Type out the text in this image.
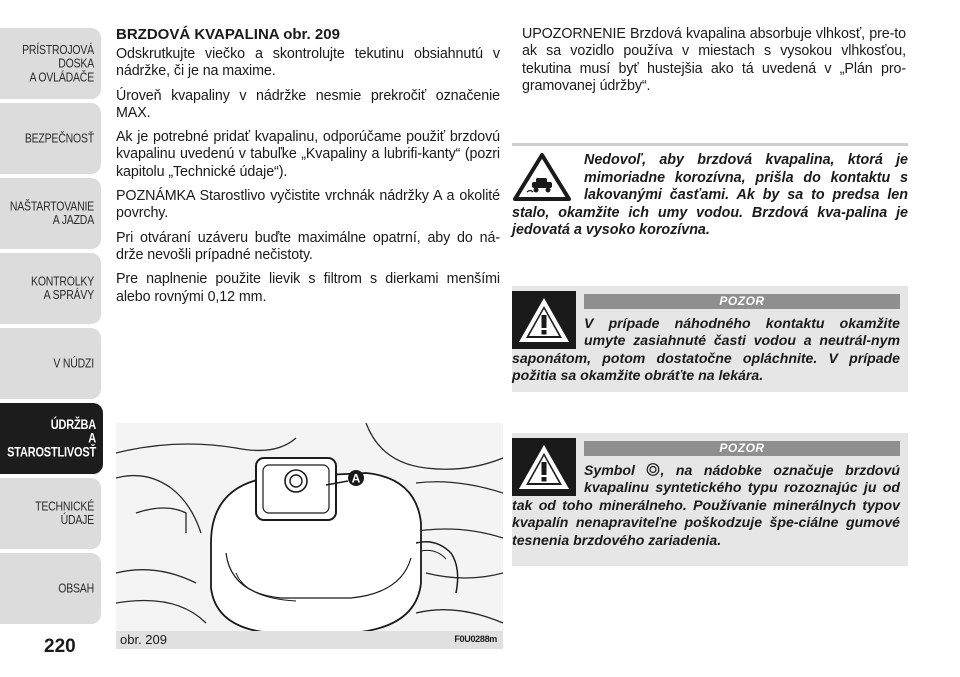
PRÍSTROJOVÁ
DOSKA
A OVLÁDAČE
BEZPEČNOSŤ
NAŠTARTOVANIE
A JAZDA
KONTROLKY
A SPRÁVY
V NÚDZI
ÚDRŽBA
A STAROSTLIVOSŤ
TECHNICKÉ ÚDAJE
OBSAH
220

BRZDOVÁ KVAPALINA obr. 209

Odskrutkujte viečko a skontrolujte tekutinu obsiahnutú v nádržke, či je na maxime.

Úroveň kvapaliny v nádržke nesmie prekročiť označenie MAX.

Ak je potrebné pridať kvapalinu, odporúčame použiť brzdovú kvapalinu uvedenú v tabuľke „Kvapaliny a lubrifi-kanty“ (pozri kapitolu „Technické údaje“).

POZNÁMKA Starostlivo vyčistite vrchnák nádržky A a okolité povrchy.

Pri otváraní uzáveru buďte maximálne opatrní, aby do ná-drže nevošli prípadné nečistoty.

Pre naplnenie použite lievik s filtrom s dierkami menšími alebo rovnými 0,12 mm.

UPOZORNENIE Brzdová kvapalina absorbuje vlhkosť, pre-to ak sa vozidlo používa v miestach s vysokou vlhkosťou, tekutina musí byť hustejšia ako tá uvedená v „Plán pro-gramovanej údržby“.

Nedovoľ, aby brzdová kvapalina, ktorá je mimoriadne korozívna, prišla do kontaktu s lakovanými časťami. Ak by sa to predsa len stalo, okamžite ich umy vodou. Brzdová kva-palina je jedovatá a vysoko korozívna.

POZOR

V prípade náhodného kontaktu okamžite umyte zasiahnuté časti vodou a neutrál-nym saponátom, potom dostatočne opláchnite. V prípade požitia sa okamžite obráťte na lekára.

POZOR

Symbol , na nádobke označuje brzdovú kvapalinu syntetického typu rozoznajúc ju od tak od toho minerálneho. Používanie minerálnych typov kvapalín nenapraviteľne poškodzuje špe-ciálne gumové tesnenia brzdového zariadenia.

A
obr. 209	F0U0288m
